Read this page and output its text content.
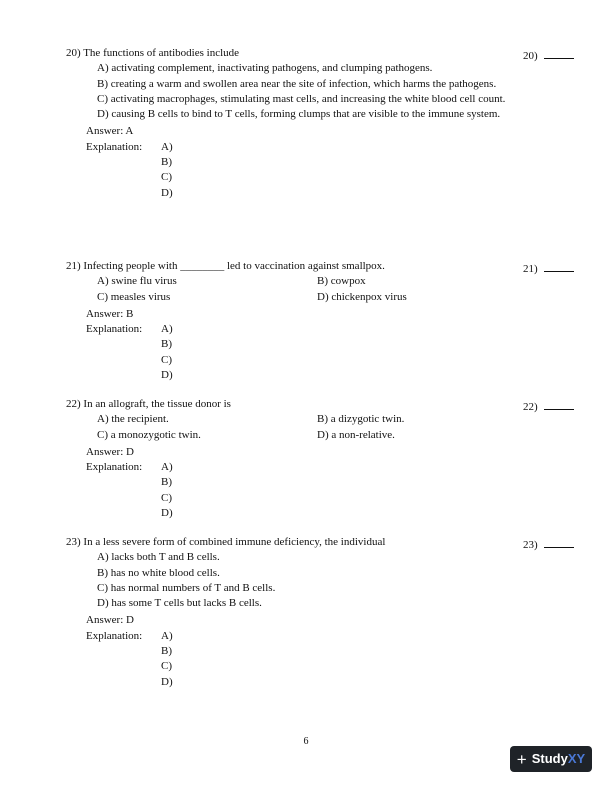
20) The functions of antibodies include	20)
A) activating complement, inactivating pathogens, and clumping pathogens.
B) creating a warm and swollen area near the site of infection, which harms the pathogens.
C) activating macrophages, stimulating mast cells, and increasing the white blood cell count.
D) causing B cells to bind to T cells, forming clumps that are visible to the immune system.
Answer: A
Explanation: A)
B)
C)
D)
21) Infecting people with ________ led to vaccination against smallpox.	21)
A) swine flu virus	B) cowpox
C) measles virus	D) chickenpox virus
Answer: B
Explanation: A)
B)
C)
D)
22) In an allograft, the tissue donor is	22)
A) the recipient.	B) a dizygotic twin.
C) a monozygotic twin.	D) a non-relative.
Answer: D
Explanation: A)
B)
C)
D)
23) In a less severe form of combined immune deficiency, the individual	23)
A) lacks both T and B cells.
B) has no white blood cells.
C) has normal numbers of T and B cells.
D) has some T cells but lacks B cells.
Answer: D
Explanation: A)
B)
C)
D)
6
+ StudyXY
